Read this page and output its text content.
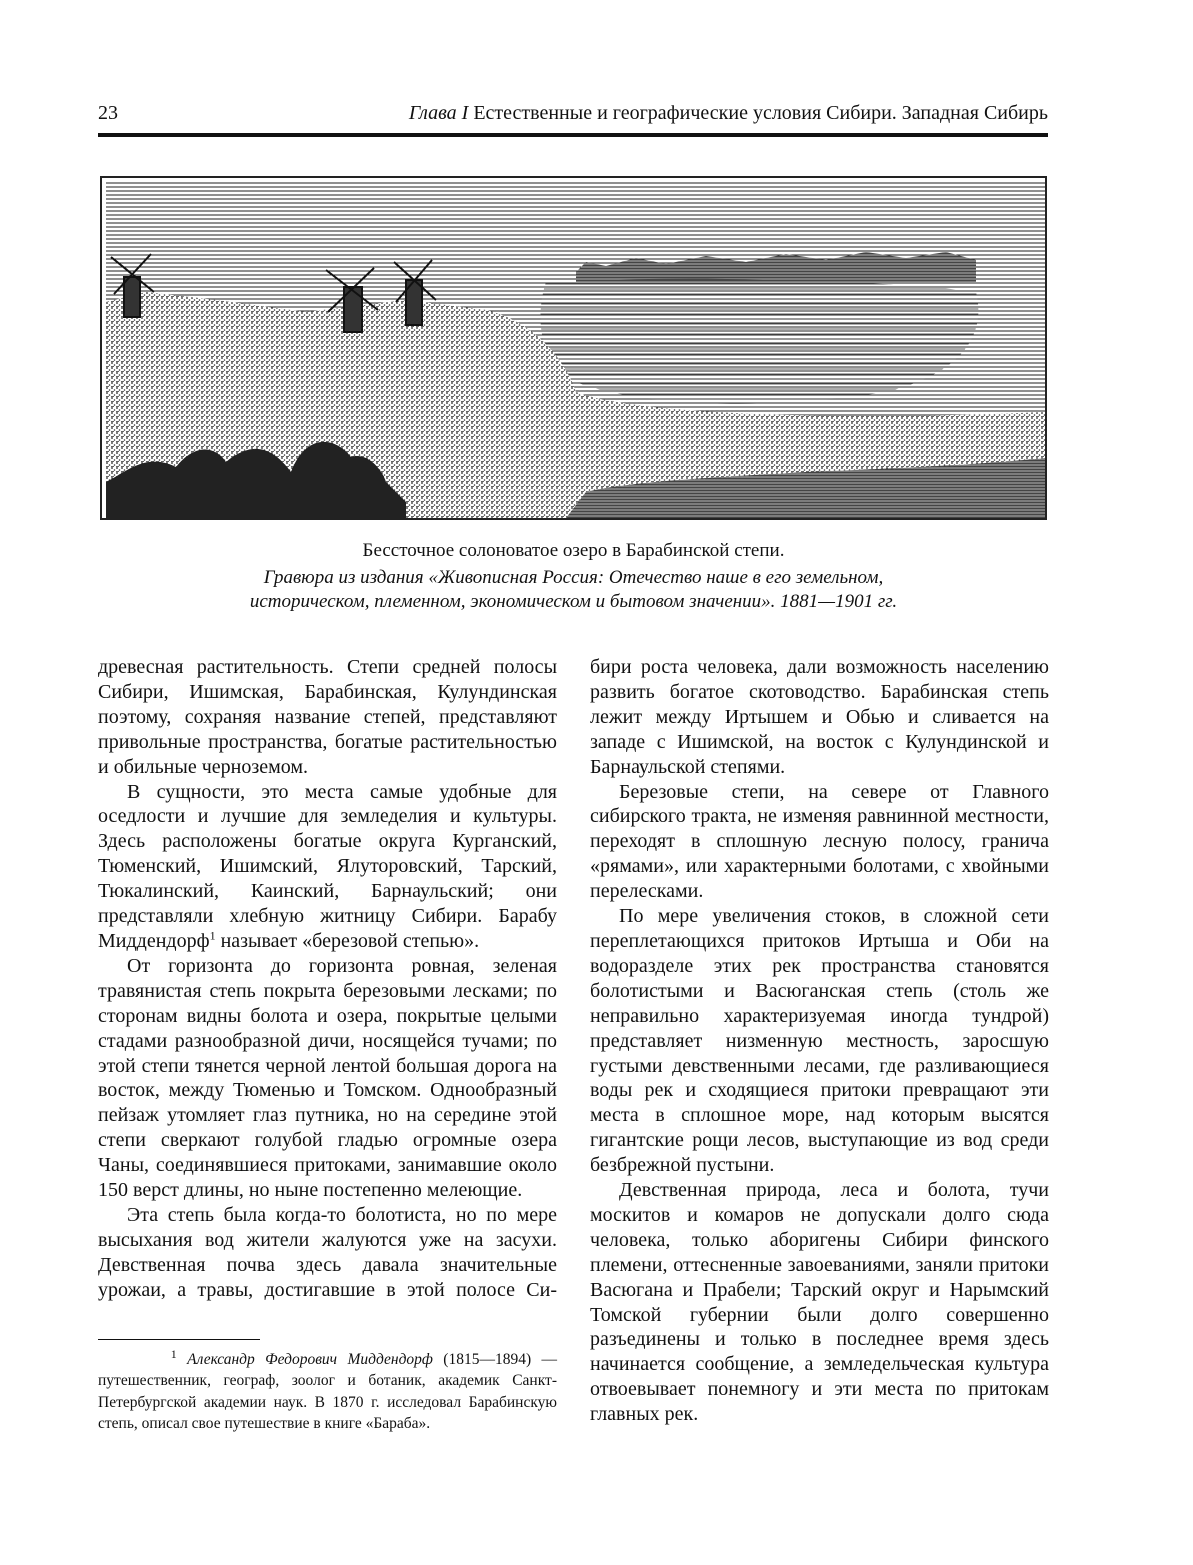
23	Глава I Естественные и географические условия Сибири. Западная Сибирь
Бессточное солоноватое озеро в Барабинской степи.
Гравюра из издания «Живописная Россия: Отечество наше в его земельном,
историческом, племенном, экономическом и бытовом значении». 1881—1901 гг.

древесная растительность. Степи средней полосы Сибири, Ишимская, Барабинская, Кулундинская поэтому, сохраняя название степей, представляют привольные пространства, богатые растительностью и обильные черноземом.

В сущности, это места самые удобные для оседлости и лучшие для земледелия и культуры. Здесь расположены богатые округа Курганский, Тюменский, Ишимский, Ялуторовский, Тарский, Тюкалинский, Каинский, Барнаульский; они представляли хлебную житницу Сибири. Барабу Миддендорф$^1$ называет «березовой степью».

От горизонта до горизонта ровная, зеленая травянистая степь покрыта березовыми лесками; по сторонам видны болота и озера, покрытые целыми стадами разнообразной дичи, носящейся тучами; по этой степи тянется черной лентой большая дорога на восток, между Тюменью и Томском. Однообразный пейзаж утомляет глаз путника, но на середине этой степи сверкают голубой гладью огромные озера Чаны, соединявшиеся притоками, занимавшие около 150 верст длины, но ныне постепенно мелеющие.

Эта степь была когда-то болотиста, но по мере высыхания вод жители жалуются уже на засухи. Девственная почва здесь давала значительные урожаи, а травы, достигавшие в этой полосе Си-

бири роста человека, дали возможность населению развить богатое скотоводство. Барабинская степь лежит между Иртышем и Обью и сливается на западе с Ишимской, на восток с Кулундинской и Барнаульской степями.

Березовые степи, на севере от Главного сибирского тракта, не изменяя равнинной местности, переходят в сплошную лесную полосу, гранича «рямами», или характерными болотами, с хвойными перелесками.

По мере увеличения стоков, в сложной сети переплетающихся притоков Иртыша и Оби на водоразделе этих рек пространства становятся болотистыми и Васюганская степь (столь же неправильно характеризуемая иногда тундрой) представляет низменную местность, заросшую густыми девственными лесами, где разливающиеся воды рек и сходящиеся притоки превращают эти места в сплошное море, над которым высятся гигантские рощи лесов, выступающие из вод среди безбрежной пустыни.

Девственная природа, леса и болота, тучи москитов и комаров не допускали долго сюда человека, только аборигены Сибири финского племени, оттесненные завоеваниями, заняли притоки Васюгана и Прабели; Тарский округ и Нарымский Томской губернии были долго совершенно разъединены и только в последнее время здесь начинается сообщение, а земледельческая культура отвоевывает понемногу и эти места по притокам главных рек.

$^1$ Александр Федорович Миддендорф (1815—1894) — путешественник, географ, зоолог и ботаник, академик Санкт-Петербургской академии наук. В 1870 г. исследовал Барабинскую степь, описал свое путешествие в книге «Бараба».
